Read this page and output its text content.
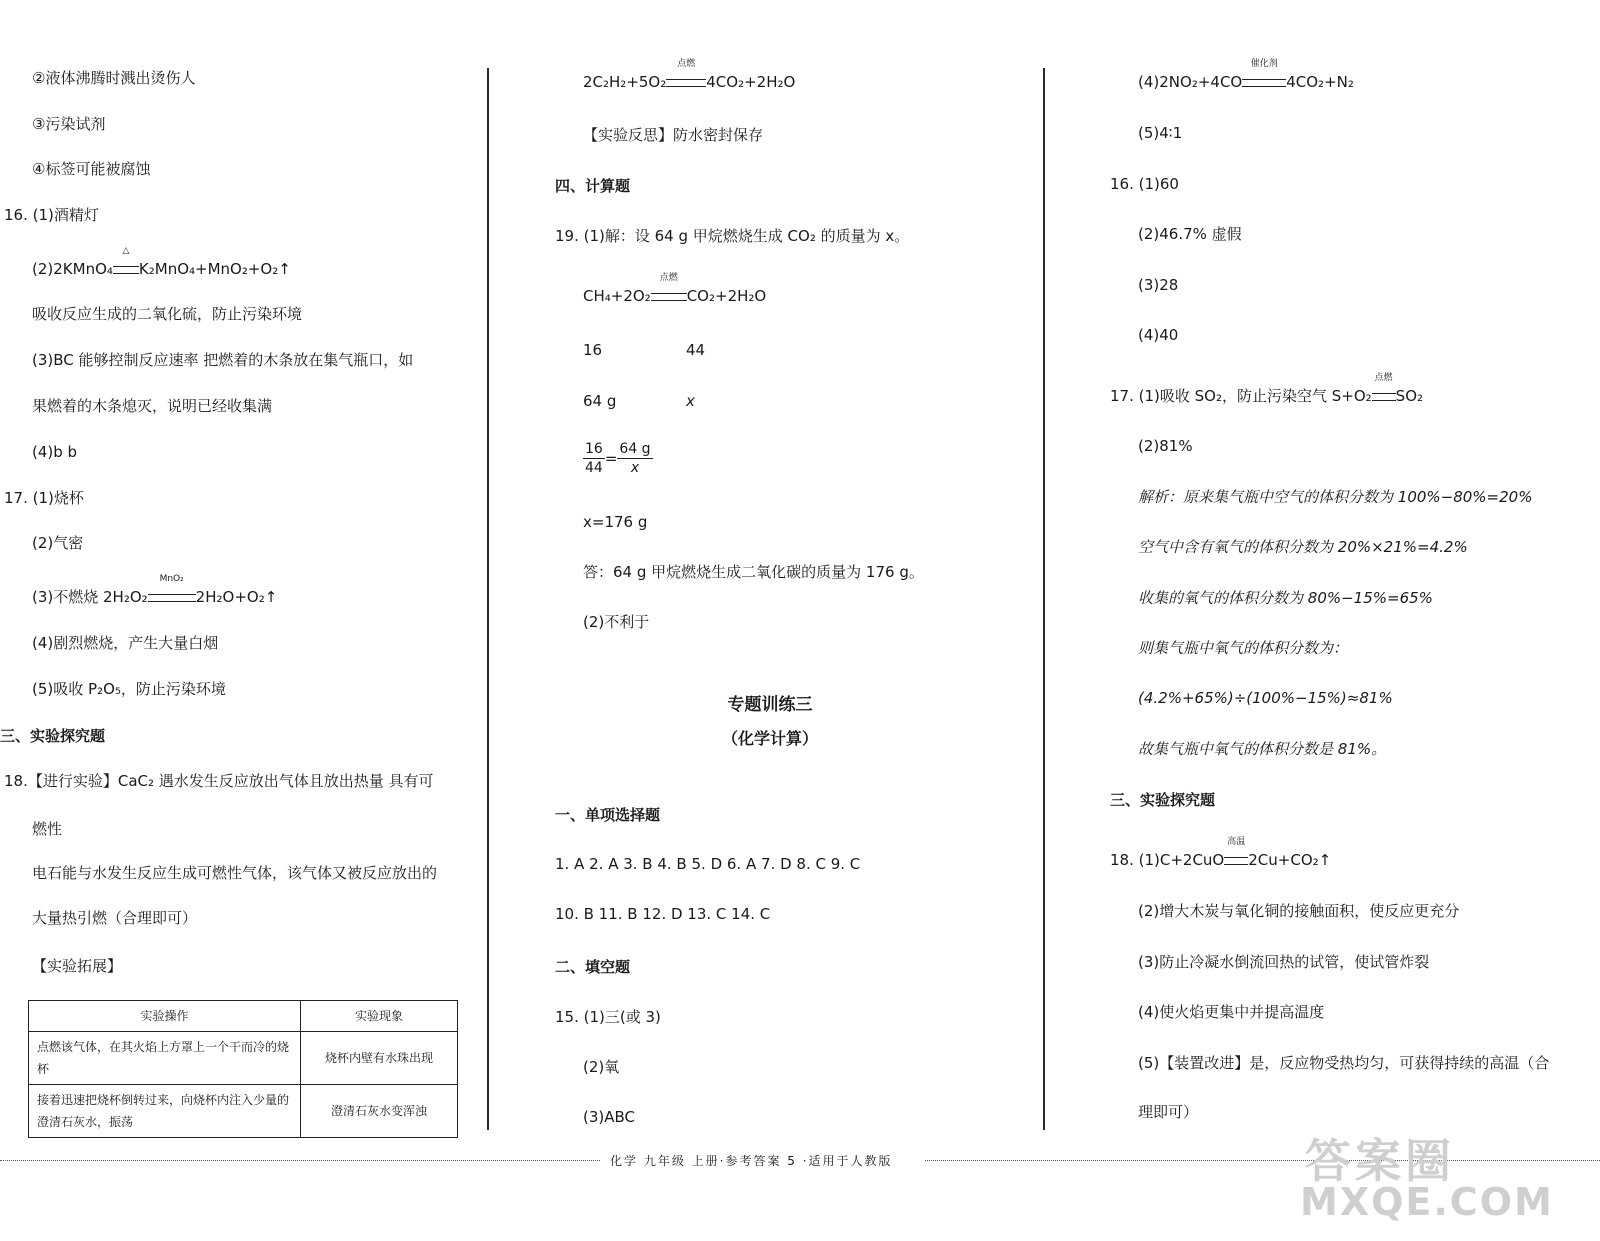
②液体沸腾时溅出烫伤人
③污染试剂
④标签可能被腐蚀
16. (1)酒精灯
(2)2KMnO₄
△
K₂MnO₄+MnO₂+O₂↑
吸收反应生成的二氧化硫，防止污染环境
(3)BC 能够控制反应速率 把燃着的木条放在集气瓶口，如
果燃着的木条熄灭，说明已经收集满
(4)b b
17. (1)烧杯
(2)气密
(3)不燃烧 2H₂O₂
MnO₂
2H₂O+O₂↑
(4)剧烈燃烧，产生大量白烟
(5)吸收 P₂O₅，防止污染环境
三、实验探究题
18.【进行实验】CaC₂ 遇水发生反应放出气体且放出热量 具有可
燃性
电石能与水发生反应生成可燃性气体，该气体又被反应放出的
大量热引燃（合理即可）
【实验拓展】
实验操作	实验现象
点燃该气体，在其火焰上方罩上一个干而冷的烧杯	烧杯内壁有水珠出现
接着迅速把烧杯倒转过来，向烧杯内注入少量的澄清石灰水，振荡	澄清石灰水变浑浊
2C₂H₂+5O₂
点燃
4CO₂+2H₂O
【实验反思】防水密封保存
四、计算题
19. (1)解：设 64 g 甲烷燃烧生成 CO₂ 的质量为 x。
CH₄+2O₂
点燃
CO₂+2H₂O
16	44
64 g	x
$\frac{16}{44} = \frac{64 g}{x}$
x=176 g
答：64 g 甲烷燃烧生成二氧化碳的质量为 176 g。
(2)不利于
专题训练三
（化学计算）
一、单项选择题
1. A 2. A 3. B 4. B 5. D 6. A 7. D 8. C 9. C
10. B 11. B 12. D 13. C 14. C
二、填空题
15. (1)三(或 3)
(2)氧
(3)ABC
(4)2NO₂+4CO
催化剂
4CO₂+N₂
(5)4∶1
16. (1)60
(2)46.7% 虚假
(3)28
(4)40
17. (1)吸收 SO₂，防止污染空气 S+O₂
点燃
SO₂
(2)81%
解析：原来集气瓶中空气的体积分数为 100%−80%=20%
空气中含有氧气的体积分数为 20%×21%=4.2%
收集的氧气的体积分数为 80%−15%=65%
则集气瓶中氧气的体积分数为：
(4.2%+65%)÷(100%−15%)≈81%
故集气瓶中氧气的体积分数是 81%。
三、实验探究题
18. (1)C+2CuO
高温
2Cu+CO₂↑
(2)增大木炭与氧化铜的接触面积，使反应更充分
(3)防止冷凝水倒流回热的试管，使试管炸裂
(4)使火焰更集中并提高温度
(5)【装置改进】是，反应物受热均匀，可获得持续的高温（合
理即可）
化学 九年级 上册·参考答案 5 ·适用于人教版	答案圈
MXQE.COM
